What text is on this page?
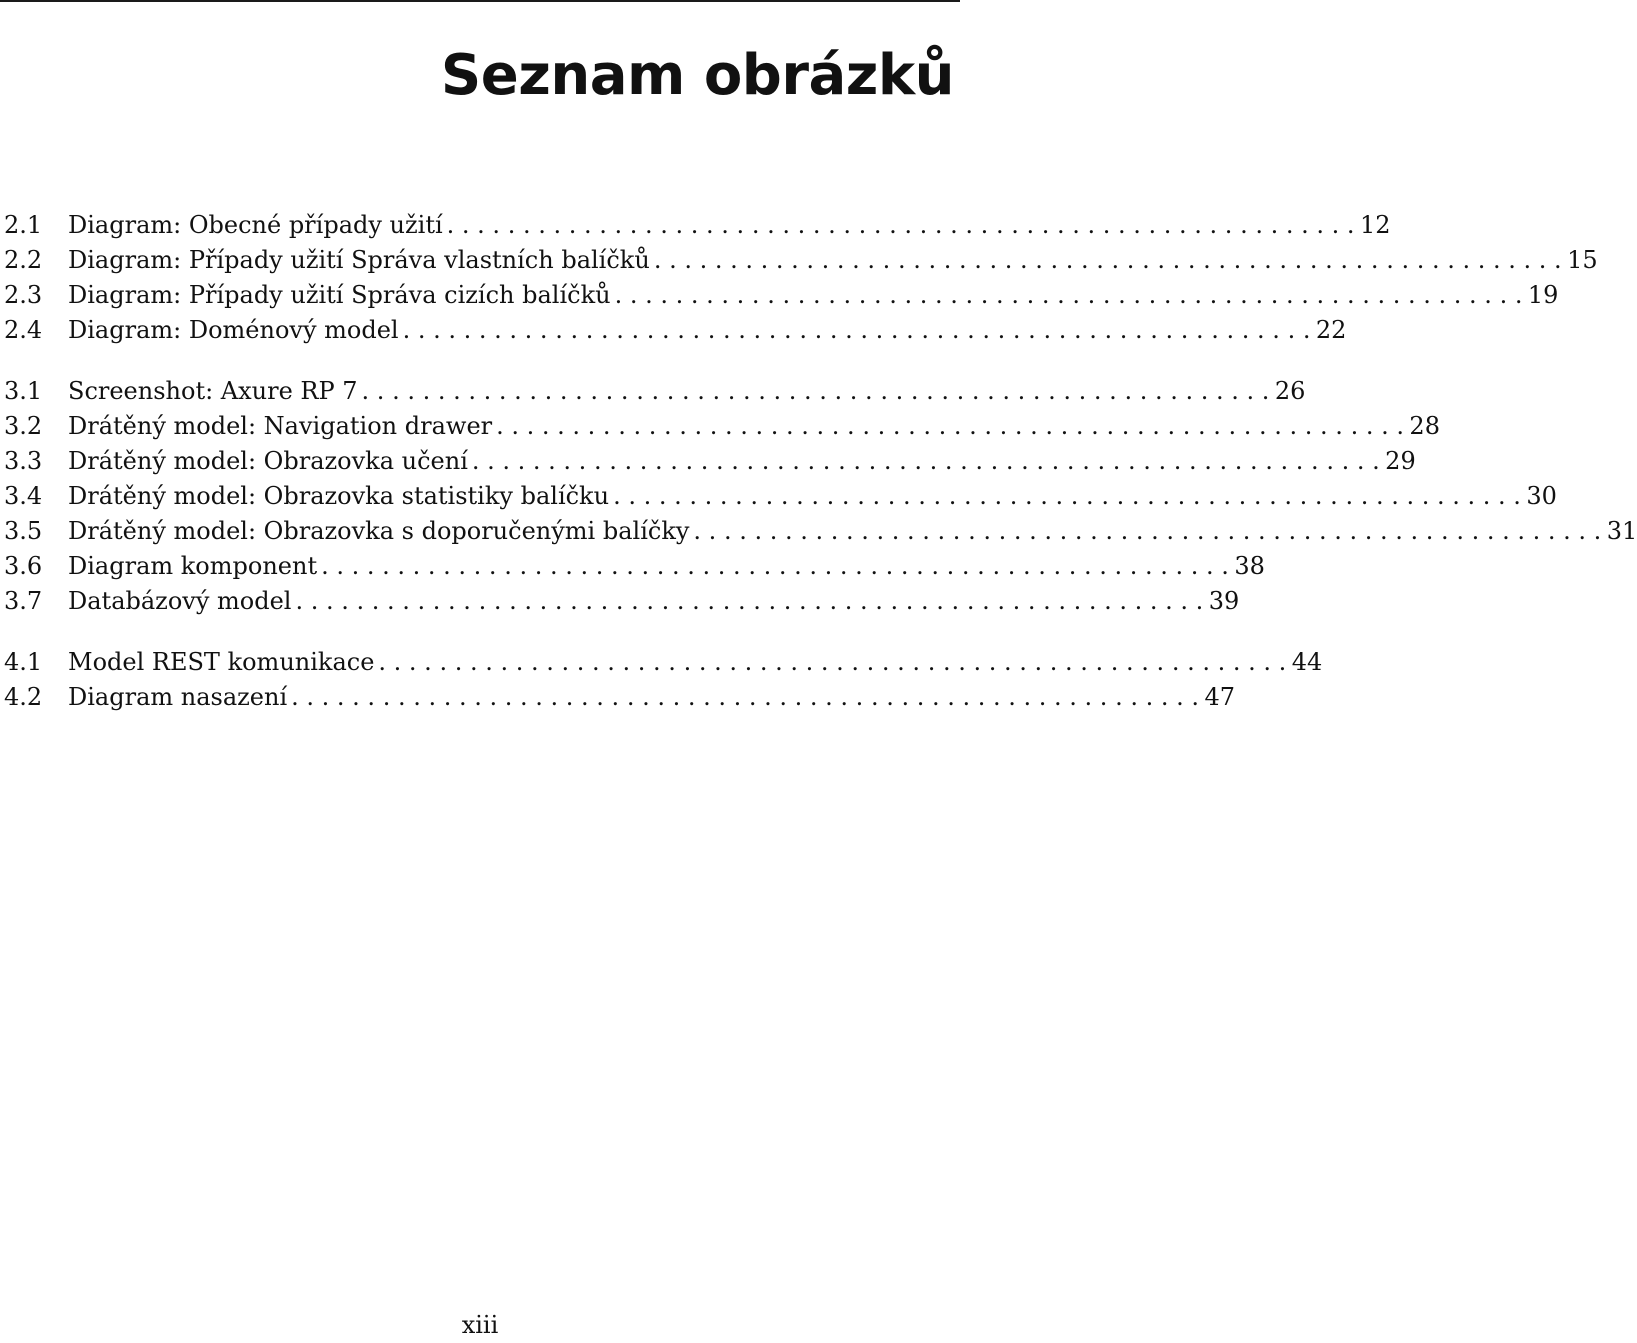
Seznam obrázků
2.1	Diagram: Obecné případy užití . . . . . . . . . . . . . . . . . . . . . . . . . . . . . . . . . . . . . . . . . . . . . . . . . . . . . . . . . . . . 12
2.2	Diagram: Případy užití Správa vlastních balíčků . . . . . . . . . . . . . . . . . . . . . . . . . . . . . . . . . . . . . . . . . . . . . . . . . . . . . . . . . . . . 15
2.3	Diagram: Případy užití Správa cizích balíčků . . . . . . . . . . . . . . . . . . . . . . . . . . . . . . . . . . . . . . . . . . . . . . . . . . . . . . . . . . . . 19
2.4	Diagram: Doménový model . . . . . . . . . . . . . . . . . . . . . . . . . . . . . . . . . . . . . . . . . . . . . . . . . . . . . . . . . . . . 22
3.1	Screenshot: Axure RP 7 . . . . . . . . . . . . . . . . . . . . . . . . . . . . . . . . . . . . . . . . . . . . . . . . . . . . . . . . . . . . 26
3.2	Drátěný model: Navigation drawer . . . . . . . . . . . . . . . . . . . . . . . . . . . . . . . . . . . . . . . . . . . . . . . . . . . . . . . . . . . . 28
3.3	Drátěný model: Obrazovka učení . . . . . . . . . . . . . . . . . . . . . . . . . . . . . . . . . . . . . . . . . . . . . . . . . . . . . . . . . . . . 29
3.4	Drátěný model: Obrazovka statistiky balíčku . . . . . . . . . . . . . . . . . . . . . . . . . . . . . . . . . . . . . . . . . . . . . . . . . . . . . . . . . . . . 30
3.5	Drátěný model: Obrazovka s doporučenými balíčky . . . . . . . . . . . . . . . . . . . . . . . . . . . . . . . . . . . . . . . . . . . . . . . . . . . . . . . . . . . . 31
3.6	Diagram komponent . . . . . . . . . . . . . . . . . . . . . . . . . . . . . . . . . . . . . . . . . . . . . . . . . . . . . . . . . . . . 38
3.7	Databázový model . . . . . . . . . . . . . . . . . . . . . . . . . . . . . . . . . . . . . . . . . . . . . . . . . . . . . . . . . . . . 39
4.1	Model REST komunikace . . . . . . . . . . . . . . . . . . . . . . . . . . . . . . . . . . . . . . . . . . . . . . . . . . . . . . . . . . . . 44
4.2	Diagram nasazení . . . . . . . . . . . . . . . . . . . . . . . . . . . . . . . . . . . . . . . . . . . . . . . . . . . . . . . . . . . . 47
xiii
